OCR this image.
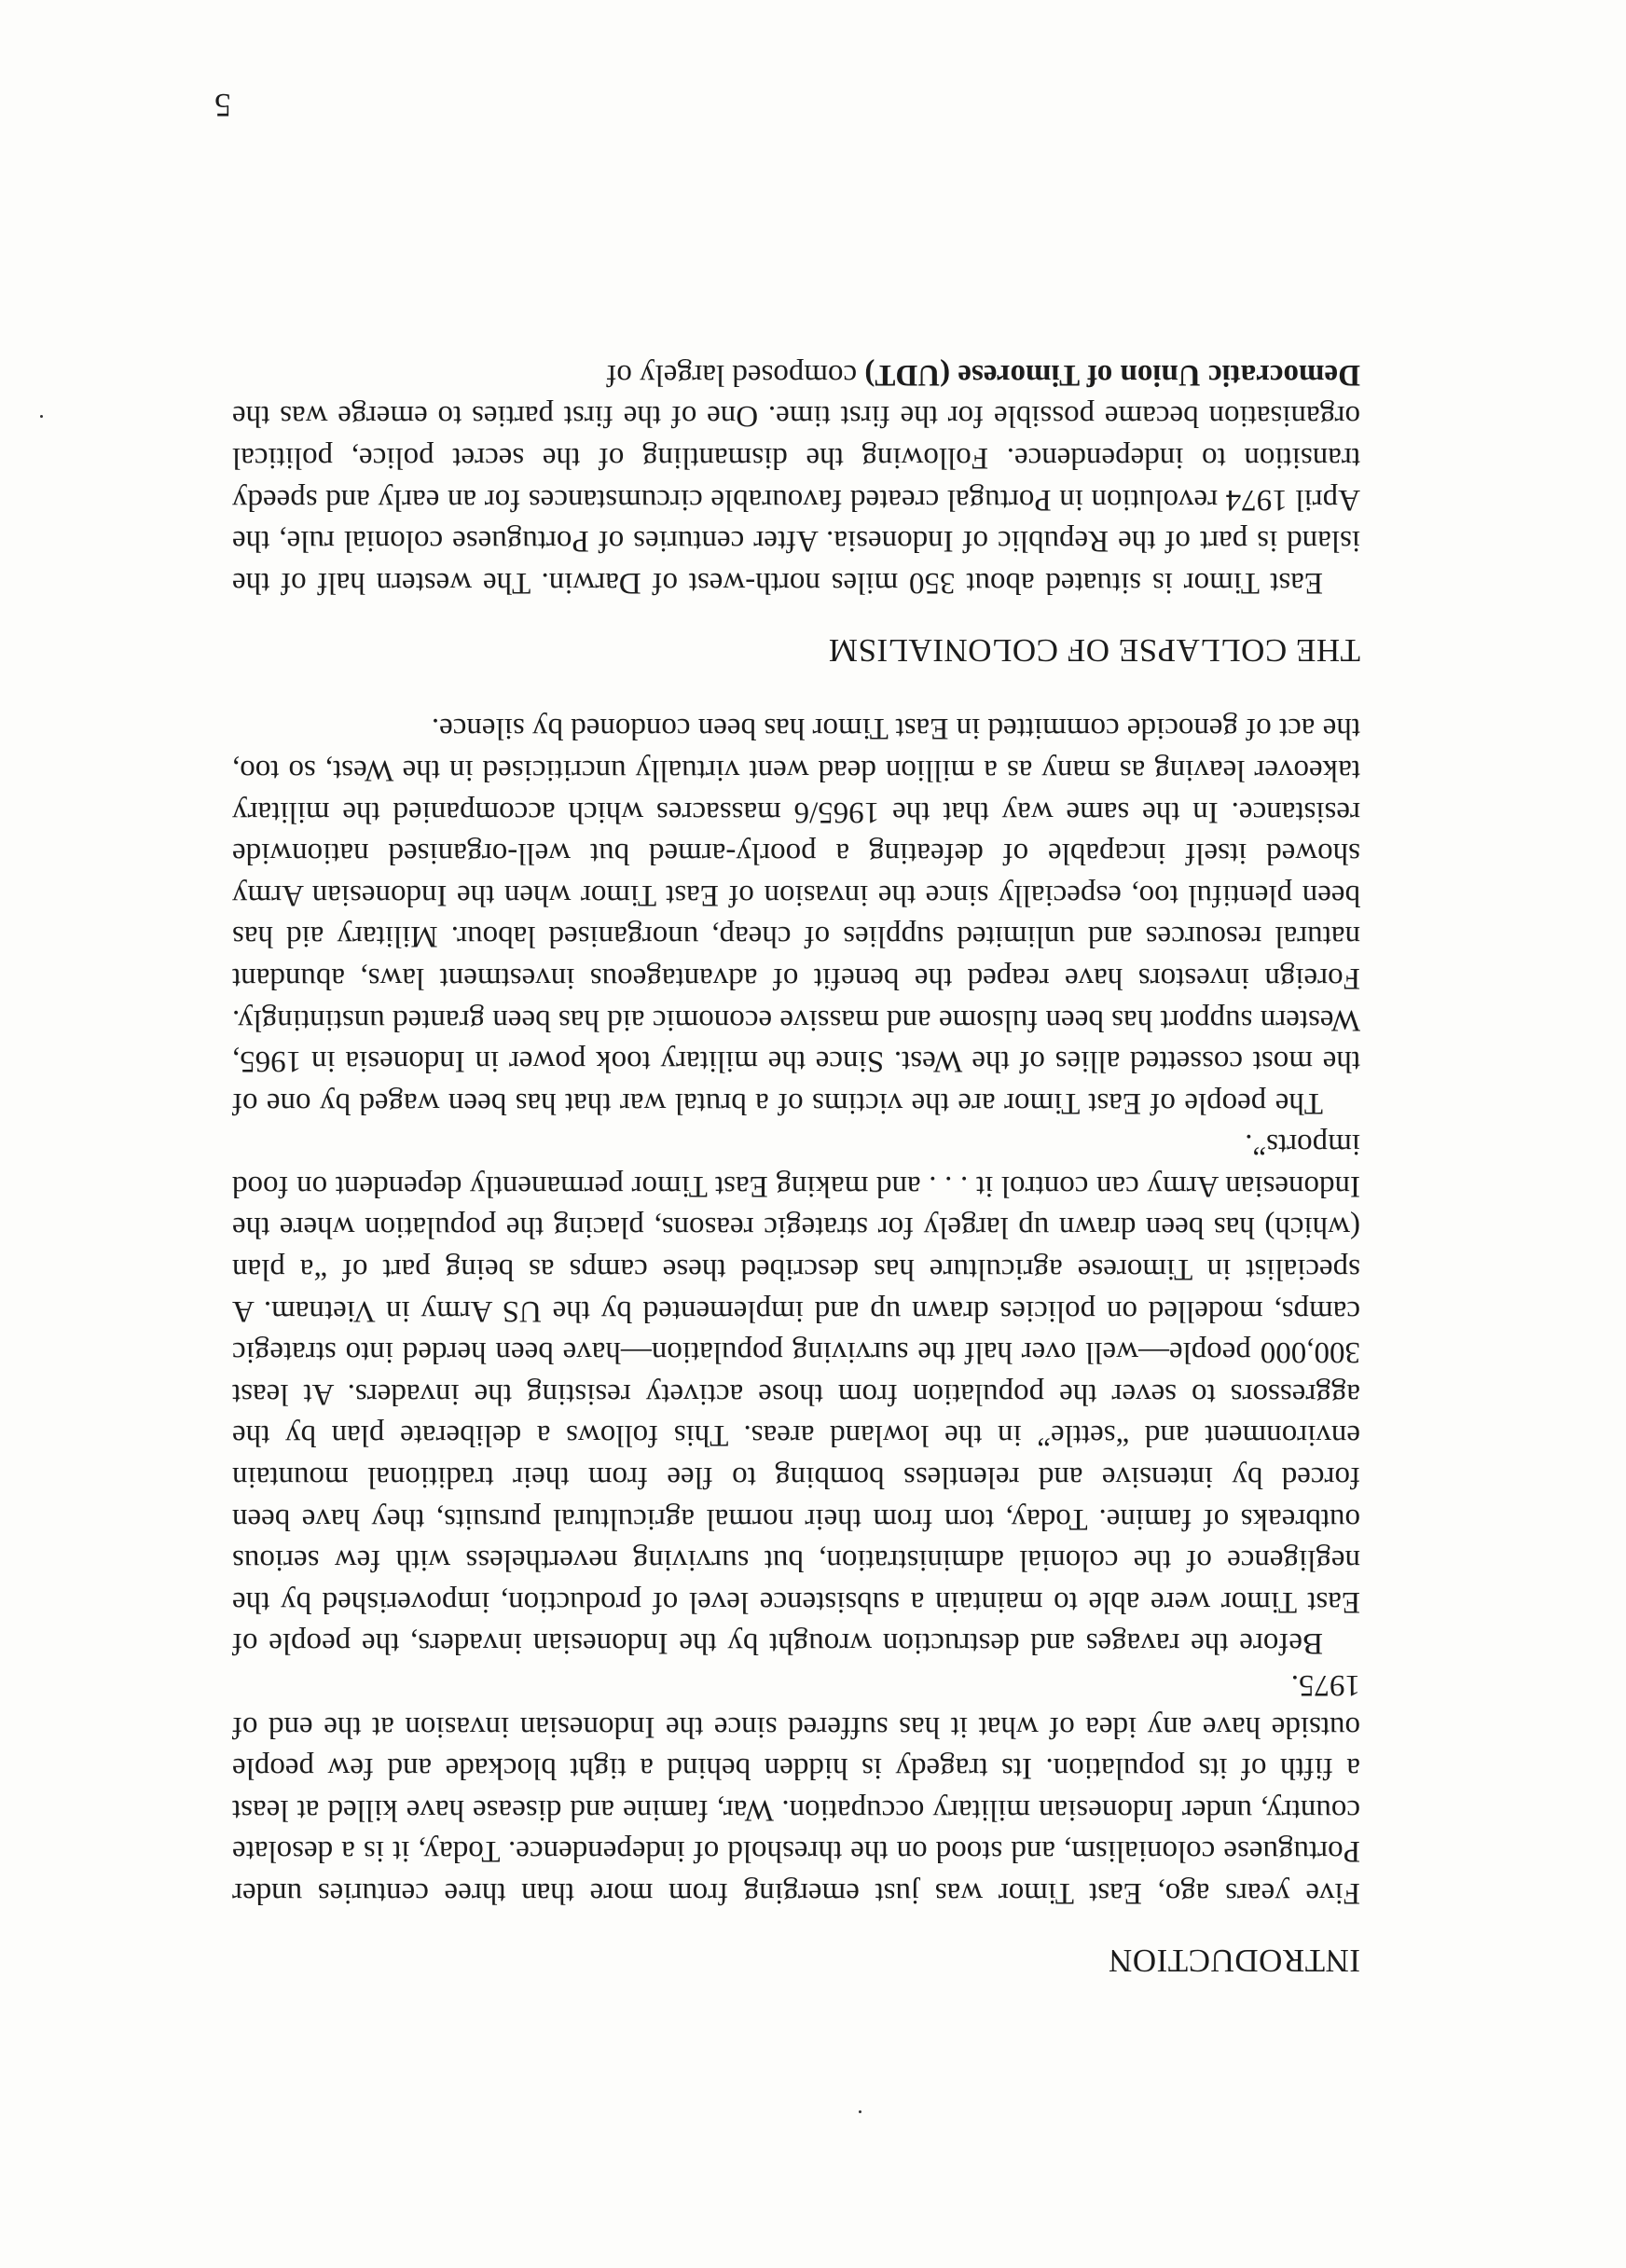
INTRODUCTION

Five years ago, East Timor was just emerging from more than three centuries under Portuguese colonialism, and stood on the threshold of independence. Today, it is a desolate country, under Indonesian military occupation. War, famine and disease have killed at least a fifth of its population. Its tragedy is hidden behind a tight blockade and few people outside have any idea of what it has suffered since the Indonesian invasion at the end of 1975.

Before the ravages and destruction wrought by the Indonesian invaders, the people of East Timor were able to maintain a subsistence level of production, impoverished by the negligence of the colonial administration, but surviving nevertheless with few serious outbreaks of famine. Today, torn from their normal agricultural pursuits, they have been forced by intensive and relentless bombing to flee from their traditional mountain environment and “settle” in the lowland areas. This follows a deliberate plan by the aggressors to sever the population from those activety resisting the invaders. At least 300,000 people—well over half the surviving population—have been herded into strategic camps, modelled on policies drawn up and implemented by the US Army in Vietnam. A specialist in Timorese agriculture has described these camps as being part of “a plan (which) has been drawn up largely for strategic reasons, placing the population where the Indonesian Army can control it . . . and making East Timor permanently dependent on food imports”.

The people of East Timor are the victims of a brutal war that has been waged by one of the most cossetted allies of the West. Since the military took power in Indonesia in 1965, Western support has been fulsome and massive economic aid has been granted unstintingly. Foreign investors have reaped the benefit of advantageous investment laws, abundant natural resources and unlimited supplies of cheap, unorganised labour. Military aid has been plentiful too, especially since the invasion of East Timor when the Indonesian Army showed itself incapable of defeating a poorly-armed but well-organised nationwide resistance. In the same way that the 1965/6 massacres which accompanied the military takeover leaving as many as a million dead went virtually uncriticised in the West, so too, the act of genocide committed in East Timor has been condoned by silence.

THE COLLAPSE OF COLONIALISM

East Timor is situated about 350 miles north-west of Darwin. The western half of the island is part of the Republic of Indonesia. After centuries of Portuguese colonial rule, the April 1974 revolution in Portugal created favourable circumstances for an early and speedy transition to independence. Following the dismantling of the secret police, political organisation became possible for the first time. One of the first parties to emerge was the Democratic Union of Timorese (UDT) composed largely of

5
